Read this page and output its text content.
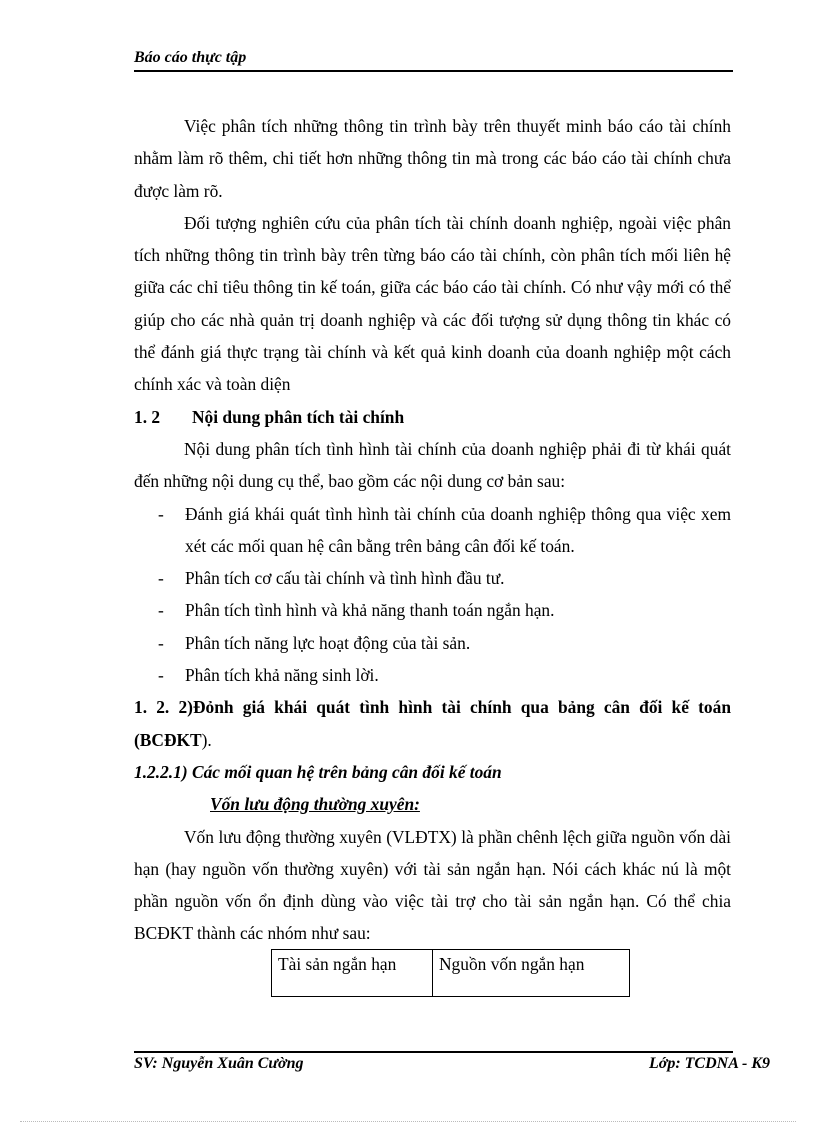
Báo cáo thực tập

Việc phân tích những thông tin trình bày trên thuyết minh báo cáo tài chính nhằm làm rõ thêm, chi tiết hơn những thông tin mà trong các báo cáo tài chính chưa được làm rõ.

Đối tượng nghiên cứu của phân tích tài chính doanh nghiệp, ngoài việc phân tích những thông tin trình bày trên từng báo cáo tài chính, còn phân tích mối liên hệ giữa các chỉ tiêu thông tin kế toán, giữa các báo cáo tài chính. Có như vậy mới có thể giúp cho các nhà quản trị doanh nghiệp và các đối tượng sử dụng thông tin khác có thể đánh giá thực trạng tài chính và kết quả kinh doanh của doanh nghiệp một cách chính xác và toàn diện

1. 2 Nội dung phân tích tài chính

Nội dung phân tích tình hình tài chính của doanh nghiệp phải đi từ khái quát đến những nội dung cụ thể, bao gồm các nội dung cơ bản sau:

- Đánh giá khái quát tình hình tài chính của doanh nghiệp thông qua việc xem xét các mối quan hệ cân bằng trên bảng cân đối kế toán.
- Phân tích cơ cấu tài chính và tình hình đầu tư.
- Phân tích tình hình và khả năng thanh toán ngắn hạn.
- Phân tích năng lực hoạt động của tài sản.
- Phân tích khả năng sinh lời.

1. 2. 2)Đỏnh giá khái quát tình hình tài chính qua bảng cân đối kế toán (BCĐKT).

1.2.2.1) Các mối quan hệ trên bảng cân đối kế toán

Vốn lưu động thường xuyên:

Vốn lưu động thường xuyên (VLĐTX) là phần chênh lệch giữa nguồn vốn dài hạn (hay nguồn vốn thường xuyên) với tài sản ngắn hạn. Nói cách khác nú là một phần nguồn vốn ổn định dùng vào việc tài trợ cho tài sản ngắn hạn. Có thể chia BCĐKT thành các nhóm như sau:

Tài sản ngắn hạn	Nguồn vốn ngắn hạn
SV: Nguyễn Xuân Cường	Lớp: TCDNA - K9
